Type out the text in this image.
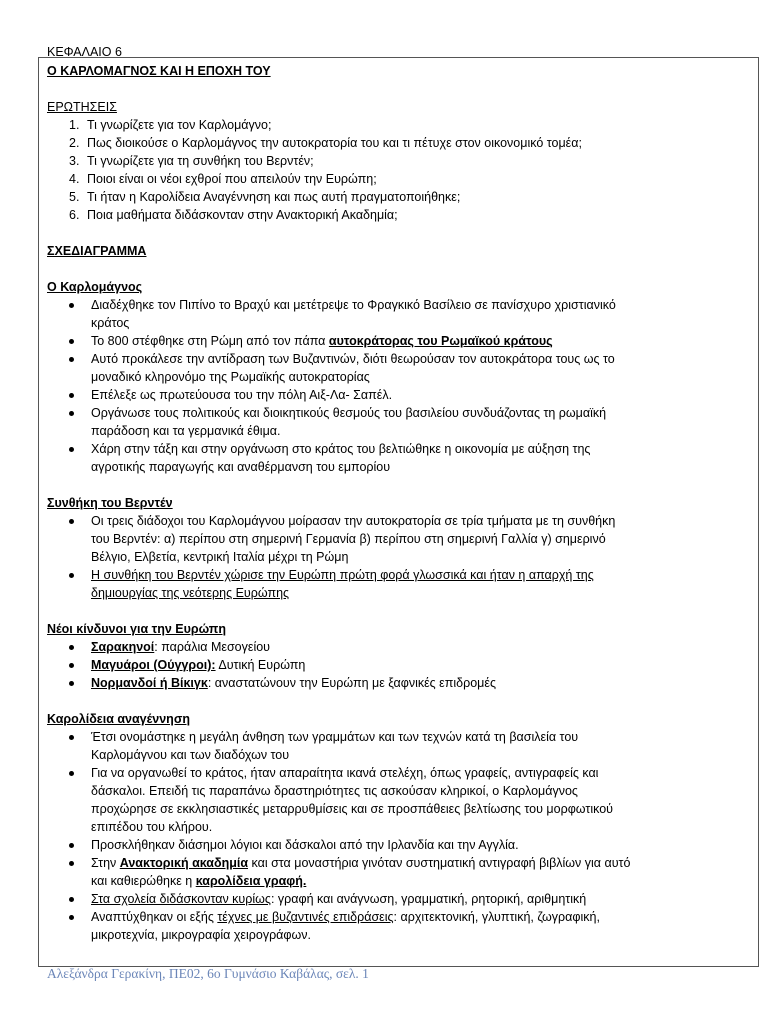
ΚΕΦΑΛΑΙΟ 6
Ο ΚΑΡΛΟΜΑΓΝΟΣ ΚΑΙ Η ΕΠΟΧΗ ΤΟΥ
ΕΡΩΤΗΣΕΙΣ
1. Τι γνωρίζετε για τον Καρλομάγνο;
2. Πως διοικούσε ο Καρλομάγνος την αυτοκρατορία του και τι πέτυχε στον οικονομικό τομέα;
3. Τι γνωρίζετε για τη συνθήκη του Βερντέν;
4. Ποιοι είναι οι νέοι εχθροί που απειλούν την Ευρώπη;
5. Τι ήταν η Καρολίδεια Αναγέννηση και πως αυτή πραγματοποιήθηκε;
6. Ποια μαθήματα διδάσκονταν στην Ανακτορική Ακαδημία;
ΣΧΕΔΙΑΓΡΑΜΜΑ
Ο Καρλομάγνος
Διαδέχθηκε τον Πιπίνο το Βραχύ και μετέτρεψε το Φραγκικό Βασίλειο σε πανίσχυρο χριστιανικό
κράτος
Το 800 στέφθηκε στη Ρώμη από τον πάπα αυτοκράτορας του Ρωμαϊκού κράτους
Αυτό προκάλεσε την αντίδραση των Βυζαντινών, διότι θεωρούσαν τον αυτοκράτορα τους ως το
μοναδικό κληρονόμο της Ρωμαϊκής αυτοκρατορίας
Επέλεξε ως πρωτεύουσα του την πόλη Αιξ-Λα- Σαπέλ.
Οργάνωσε τους πολιτικούς και διοικητικούς θεσμούς του βασιλείου συνδυάζοντας τη ρωμαϊκή
παράδοση και τα γερμανικά έθιμα.
Χάρη στην τάξη και στην οργάνωση στο κράτος του βελτιώθηκε η οικονομία με αύξηση της
αγροτικής παραγωγής και αναθέρμανση του εμπορίου
Συνθήκη του Βερντέν
Οι τρεις διάδοχοι του Καρλομάγνου μοίρασαν την αυτοκρατορία σε τρία τμήματα με τη συνθήκη
του Βερντέν: α) περίπου στη σημερινή Γερμανία β) περίπου στη σημερινή Γαλλία γ) σημερινό
Βέλγιο, Ελβετία, κεντρική Ιταλία μέχρι τη Ρώμη
Η συνθήκη του Βερντέν χώρισε την Ευρώπη πρώτη φορά γλωσσικά και ήταν η απαρχή της
δημιουργίας της νεότερης Ευρώπης
Νέοι κίνδυνοι για την Ευρώπη
Σαρακηνοί: παράλια Μεσογείου
Μαγυάροι (Ούγγροι): Δυτική Ευρώπη
Νορμανδοί ή Βίκιγκ: αναστατώνουν την Ευρώπη με ξαφνικές επιδρομές
Καρολίδεια αναγέννηση
Έτσι ονομάστηκε η μεγάλη άνθηση των γραμμάτων και των τεχνών κατά τη βασιλεία του
Καρλομάγνου και των διαδόχων του
Για να οργανωθεί το κράτος, ήταν απαραίτητα ικανά στελέχη, όπως γραφείς, αντιγραφείς και
δάσκαλοι. Επειδή τις παραπάνω δραστηριότητες τις ασκούσαν κληρικοί, ο Καρλομάγνος
προχώρησε σε εκκλησιαστικές μεταρρυθμίσεις και σε προσπάθειες βελτίωσης του μορφωτικού
επιπέδου του κλήρου.
Προσκλήθηκαν διάσημοι λόγιοι και δάσκαλοι από την Ιρλανδία και την Αγγλία.
Στην Ανακτορική ακαδημία και στα μοναστήρια γινόταν συστηματική αντιγραφή βιβλίων για αυτό
και καθιερώθηκε η καρολίδεια γραφή.
Στα σχολεία διδάσκονταν κυρίως: γραφή και ανάγνωση, γραμματική, ρητορική, αριθμητική
Αναπτύχθηκαν οι εξής τέχνες με βυζαντινές επιδράσεις: αρχιτεκτονική, γλυπτική, ζωγραφική,
μικροτεχνία, μικρογραφία χειρογράφων.
Αλεξάνδρα Γερακίνη, ΠΕ02, 6ο Γυμνάσιο Καβάλας, σελ. 1
